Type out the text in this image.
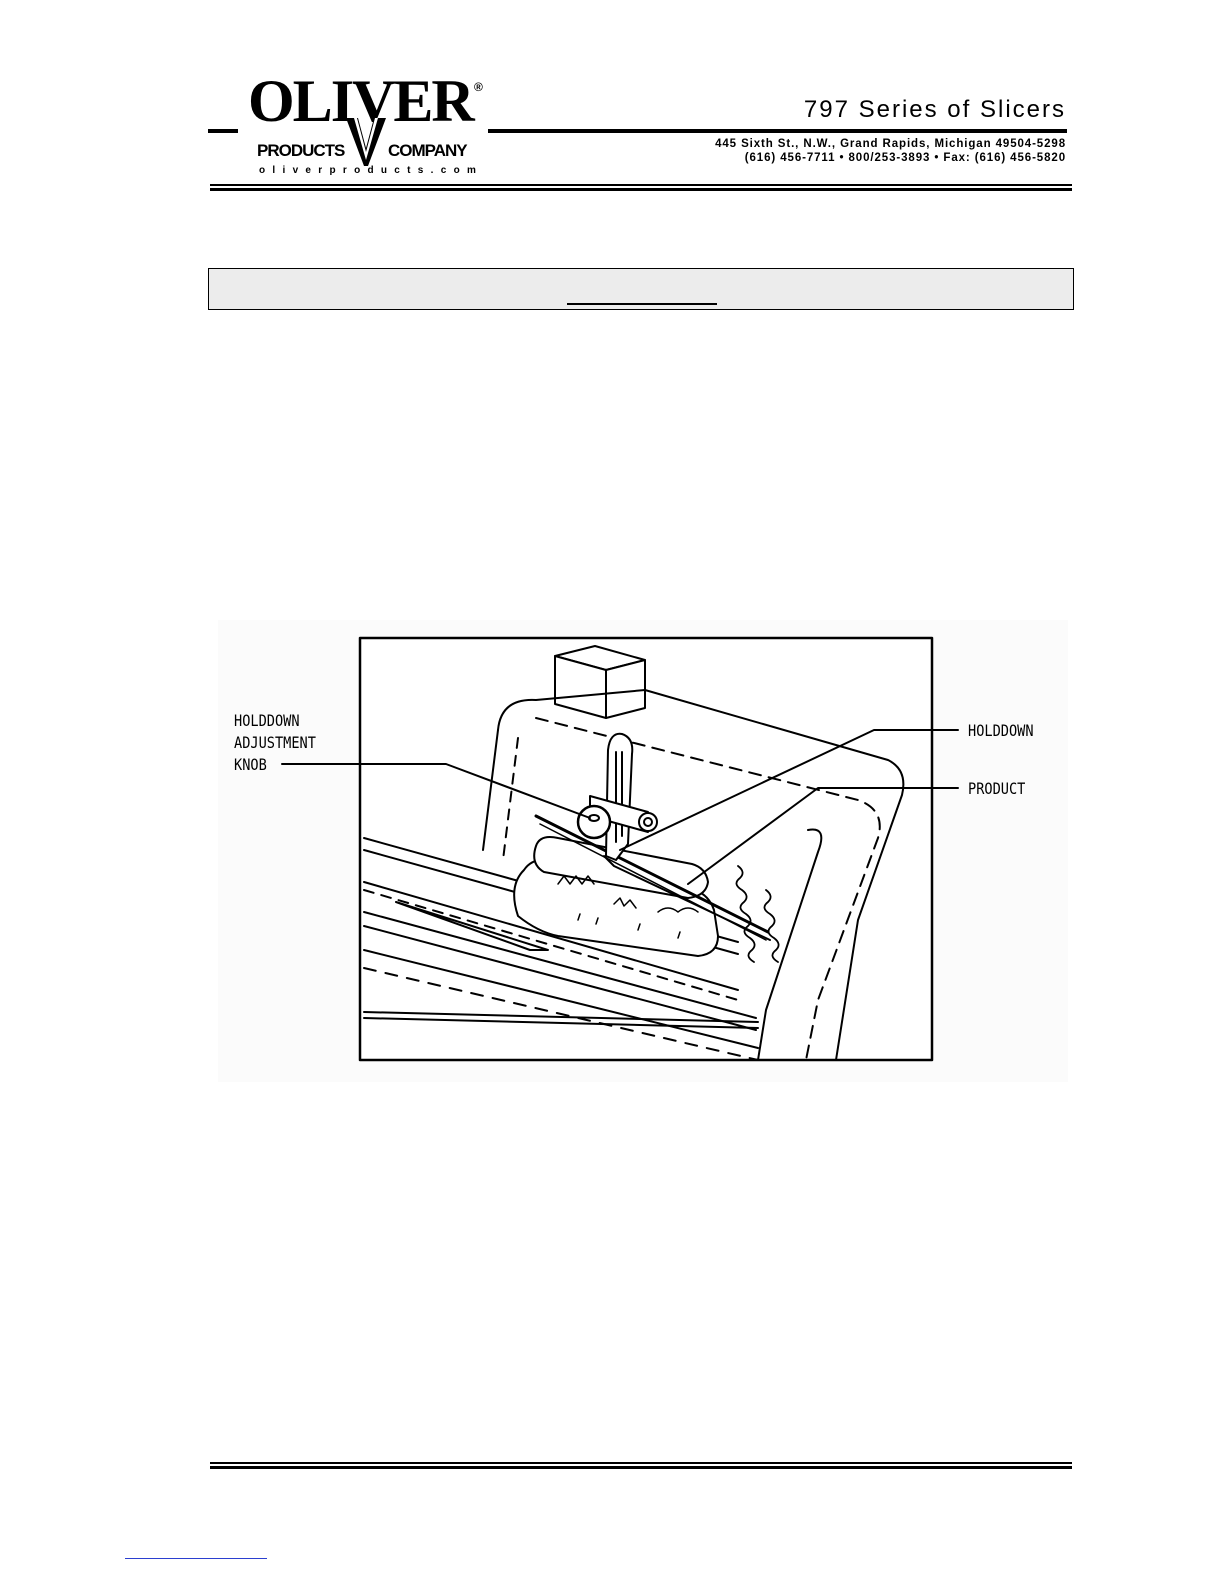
OLIVER ®
PRODUCTS	COMPANY
oliverproducts.com
797 Series of Slicers
445 Sixth St., N.W., Grand Rapids, Michigan 49504-5298
(616) 456-7711 • 800/253-3893 • Fax: (616) 456-5820
HOLDDOWN
ADJUSTMENT
KNOB
HOLDDOWN
PRODUCT
